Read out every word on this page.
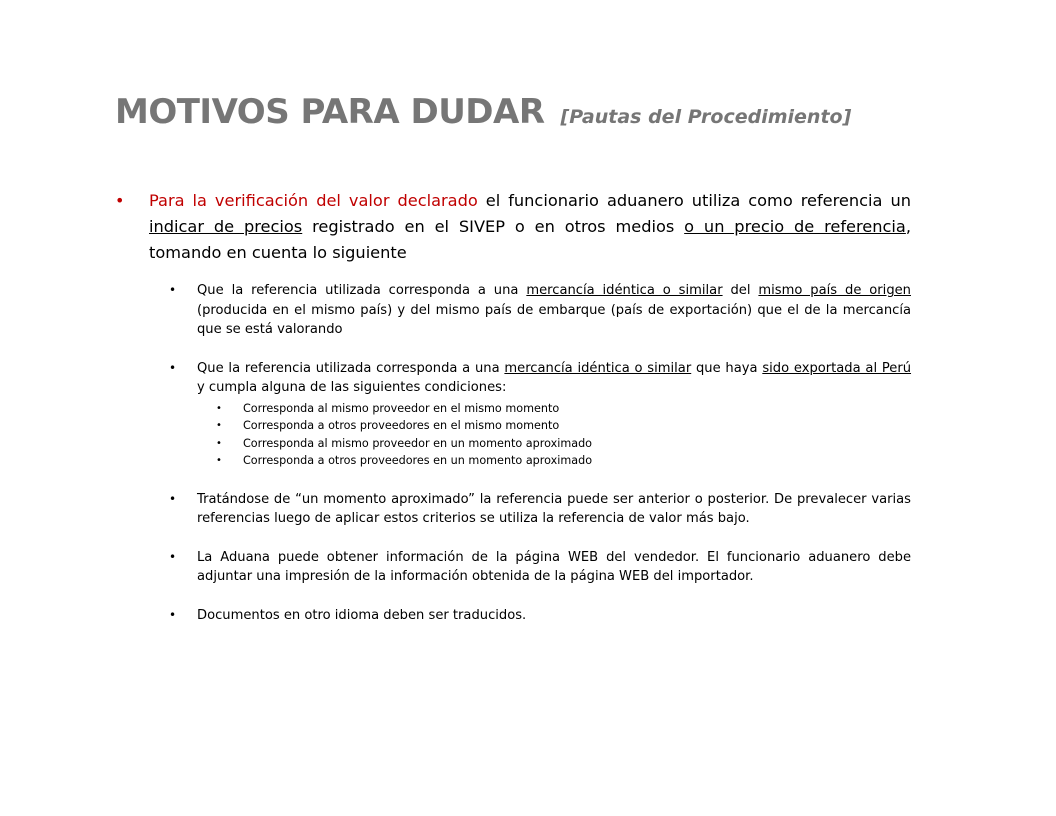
MOTIVOS PARA DUDAR [Pautas del Procedimiento]
• Para la verificación del valor declarado el funcionario aduanero utiliza como referencia un indicar de precios registrado en el SIVEP o en otros medios o un precio de referencia, tomando en cuenta lo siguiente
• Que la referencia utilizada corresponda a una mercancía idéntica o similar del mismo país de origen (producida en el mismo país) y del mismo país de embarque (país de exportación) que el de la mercancía que se está valorando
• Que la referencia utilizada corresponda a una mercancía idéntica o similar que haya sido exportada al Perú y cumpla alguna de las siguientes condiciones:
• Corresponda al mismo proveedor en el mismo momento
• Corresponda a otros proveedores en el mismo momento
• Corresponda al mismo proveedor en un momento aproximado
• Corresponda a otros proveedores en un momento aproximado
• Tratándose de “un momento aproximado” la referencia puede ser anterior o posterior. De prevalecer varias referencias luego de aplicar estos criterios se utiliza la referencia de valor más bajo.
• La Aduana puede obtener información de la página WEB del vendedor. El funcionario aduanero debe adjuntar una impresión de la información obtenida de la página WEB del importador.
• Documentos en otro idioma deben ser traducidos.
